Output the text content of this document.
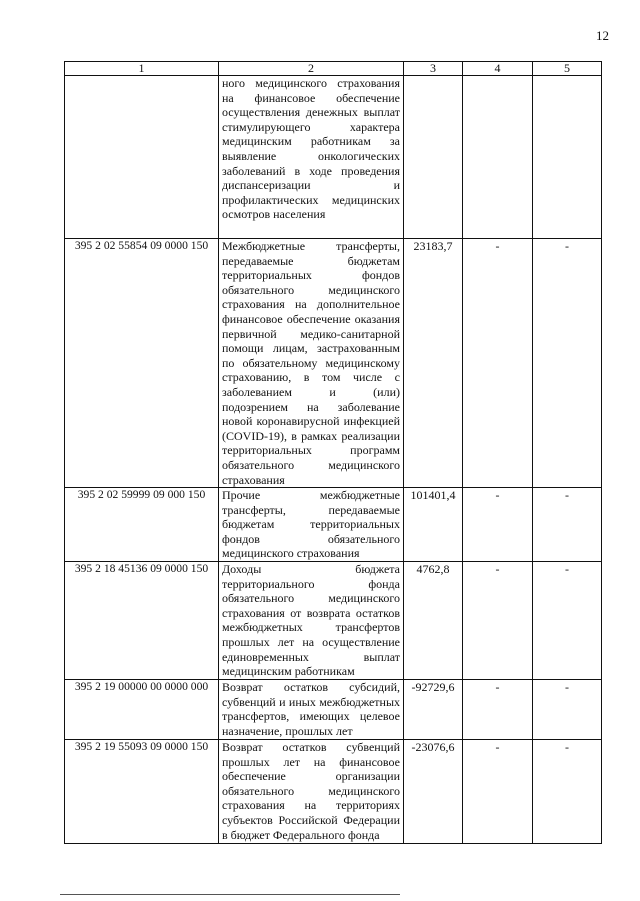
12
1	2	3	4	5
	ного медицинского страхования на финансовое обеспечение осуществления денежных выплат стимулирующего характера медицинским работникам за выявление онкологических заболеваний в ходе проведения диспансеризации и профилактических медицинских осмотров населения			
395 2 02 55854 09 0000 150	Межбюджетные трансферты, передаваемые бюджетам территориальных фондов обязательного медицинского страхования на дополнительное финансовое обеспечение оказания первичной медико-санитарной помощи лицам, застрахованным по обязательному медицинскому страхованию, в том числе с заболеванием и (или) подозрением на заболевание новой коронавирусной инфекцией (COVID-19), в рамках реализации территориальных программ обязательного медицинского страхования	23183,7	-	-
395 2 02 59999 09 000 150	Прочие межбюджетные трансферты, передаваемые бюджетам территориальных фондов обязательного медицинского страхования	101401,4	-	-
395 2 18 45136 09 0000 150	Доходы бюджета территориального фонда обязательного медицинского страхования от возврата остатков межбюджетных трансфертов прошлых лет на осуществление единовременных выплат медицинским работникам	4762,8	-	-
395 2 19 00000 00 0000 000	Возврат остатков субсидий, субвенций и иных межбюджетных трансфертов, имеющих целевое назначение, прошлых лет	-92729,6	-	-
395 2 19 55093 09 0000 150	Возврат остатков субвенций прошлых лет на финансовое обеспечение организации обязательного медицинского страхования на территориях субъектов Российской Федерации в бюджет Федерального фонда	-23076,6	-	-
